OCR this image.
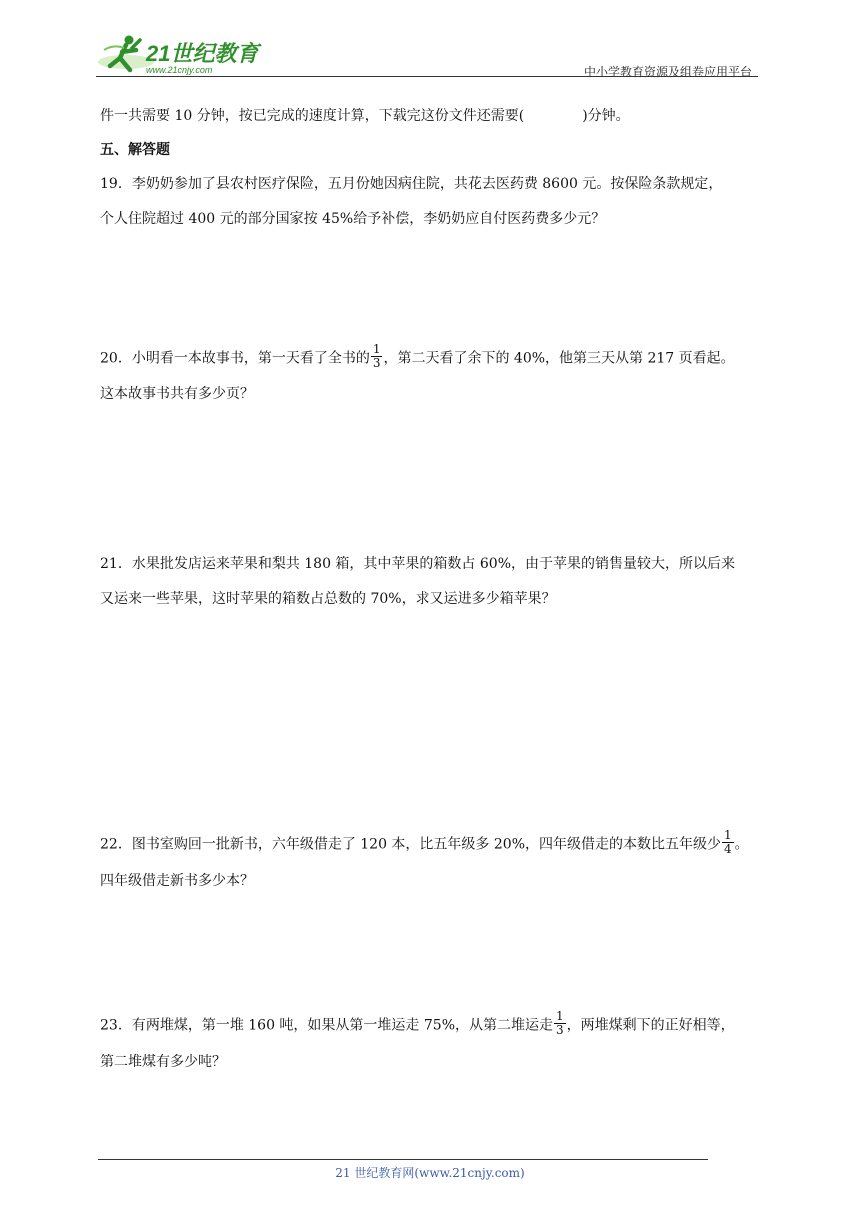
21世纪教育
www.21cnjy.com	中小学教育资源及组卷应用平台
件一共需要 10 分钟，按已完成的速度计算，下载完这份文件还需要(	)分钟。
五、解答题
19．李奶奶参加了县农村医疗保险，五月份她因病住院，共花去医药费 8600 元。按保险条款规定，
个人住院超过 400 元的部分国家按 45%给予补偿，李奶奶应自付医药费多少元？
20．小明看一本故事书，第一天看了全书的 $\frac{1}{3}$ ，第二天看了余下的 40%，他第三天从第 217 页看起。
这本故事书共有多少页？
21．水果批发店运来苹果和梨共 180 箱，其中苹果的箱数占 60%，由于苹果的销售量较大，所以后来
又运来一些苹果，这时苹果的箱数占总数的 70%，求又运进多少箱苹果？
22．图书室购回一批新书，六年级借走了 120 本，比五年级多 20%，四年级借走的本数比五年级少 $\frac{1}{4}$ 。
四年级借走新书多少本？
23．有两堆煤，第一堆 160 吨，如果从第一堆运走 75%，从第二堆运走 $\frac{1}{3}$ ，两堆煤剩下的正好相等，
第二堆煤有多少吨？
21 世纪教育网(www.21cnjy.com)
